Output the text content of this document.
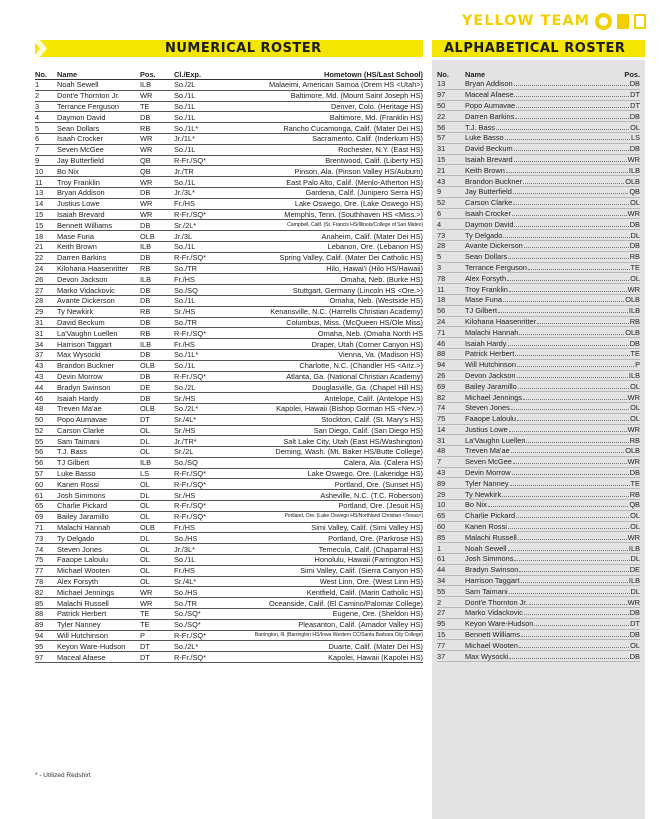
YELLOW TEAM
NUMERICAL ROSTER	ALPHABETICAL ROSTER
No.	Name	Pos.	Cl./Exp.	Hometown (HS/Last School)
1	Noah Sewell	ILB	So./2L	Malaeimi, American Samoa (Orem HS <Utah>)
2	Dont'e Thornton Jr.	WR	So./1L	Baltimore, Md. (Mount Saint Joseph HS)
3	Terrance Ferguson	TE	So./1L	Denver, Colo. (Heritage HS)
4	Daymon David	DB	So./1L	Baltimore, Md. (Franklin HS)
5	Sean Dollars	RB	So./1L*	Rancho Cucamonga, Calif. (Mater Dei HS)
6	Isaah Crocker	WR	Jr./1L*	Sacramento, Calif. (Inderkum HS)
7	Seven McGee	WR	So./1L	Rochester, N.Y. (East HS)
9	Jay Butterfield	QB	R-Fr./SQ*	Brentwood, Calif. (Liberty HS)
10	Bo Nix	QB	Jr./TR	Pinson, Ala. (Pinson Valley HS/Auburn)
11	Troy Franklin	WR	So./1L	East Palo Alto, Calif. (Menlo-Atherton HS)
13	Bryan Addison	DB	Jr./3L*	Gardena, Calif. (Junipero Serra HS)
14	Justius Lowe	WR	Fr./HS	Lake Oswego, Ore. (Lake Oswego HS)
15	Isaiah Brevard	WR	R-Fr./SQ*	Memphis, Tenn. (Southhaven HS <Miss.>)
15	Bennett Williams	DB	Sr./2L*	Campbell, Calif. (St. Francis HS/Illinois/College of San Mateo)
18	Mase Funa	OLB	Jr./3L	Anaheim, Calif. (Mater Dei HS)
21	Keith Brown	ILB	So./1L	Lebanon, Ore. (Lebanon HS)
22	Darren Barkins	DB	R-Fr./SQ*	Spring Valley, Calif. (Mater Dei Catholic HS)
24	Kilohana Haasenritter	RB	So./TR	Hilo, Hawai'i (Hilo HS/Hawaii)
26	Devon Jackson	ILB	Fr./HS	Omaha, Neb. (Burke HS)
27	Marko Vidackovic	DB	So./SQ	Stuttgart, Germany (Lincoln HS <Ore.>)
28	Avante Dickerson	DB	So./1L	Omaha, Neb. (Westside HS)
29	Ty Newkirk	RB	Sr./HS	Kenansville, N.C. (Harrells Christian Academy)
31	David Beckum	DB	So./TR	Columbus, Miss. (McQueen HS/Ole Miss)
31	La'Vaughn Luellen	RB	R-Fr./SQ*	Omaha, Neb. (Omaha North HS
34	Harrison Taggart	ILB	Fr./HS	Draper, Utah (Corner Canyon HS)
37	Max Wysocki	DB	So./1L*	Vienna, Va. (Madison HS)
43	Brandon Buckner	OLB	So./1L	Charlotte, N.C. (Chandler HS <Ariz.>)
43	Devin Morrow	DB	R-Fr./SQ*	Atlanta, Ga. (National Christian Academy)
44	Bradyn Swinson	DE	So./2L	Douglasville, Ga. (Chapel Hill HS)
46	Isaiah Hardy	DB	Sr./HS	Antelope, Calif. (Antelope HS)
48	Treven Ma'ae	OLB	So./2L*	Kapolei, Hawaii (Bishop Gorman HS <Nev.>)
50	Popo Aumavae	DT	Sr./4L*	Stockton, Calif. (St. Mary's HS)
52	Carson Clarke	OL	Sr./HS	San Diego, Calif. (San Diego HS)
55	Sam Taimani	DL	Jr./TR*	Salt Lake City, Utah (East HS/Washington)
56	T.J. Bass	OL	Sr./2L	Deming, Wash. (Mt. Baker HS/Butte College)
56	TJ Gilbert	ILB	So./SQ	Calera, Ala. (Calera HS)
57	Luke Basso	LS	R-Fr./SQ*	Lake Oswego, Ore. (Lakeridge HS)
60	Kanen Rossi	OL	R-Fr./SQ*	Portland, Ore. (Sunset HS)
61	Josh Simmons	DL	Sr./HS	Asheville, N.C. (T.C. Roberson)
65	Charlie Pickard	OL	R-Fr./SQ*	Portland, Ore. (Jesuit HS)
69	Bailey Jaramillo	OL	R-Fr./SQ*	Portland, Ore. (Lake Oswego HS/Northland Christian <Texas>)
71	Malachi Hannah	OLB	Fr./HS	Simi Valley, Calif. (Simi Valley HS)
73	Ty Delgado	DL	So./HS	Portland, Ore. (Parkrose HS)
74	Steven Jones	OL	Jr./3L*	Temecula, Calif. (Chaparral HS)
75	Faaope Laloulu	OL	So./1L	Honolulu, Hawaii (Farrington HS)
77	Michael Wooten	OL	Fr./HS	Simi Valley, Calif. (Sierra Canyon HS)
78	Alex Forsyth	OL	Sr./4L*	West Linn, Ore. (West Linn HS)
82	Michael Jennings	WR	So./HS	Kentfield, Calif. (Marin Catholic HS)
85	Malachi Russell	WR	So./TR	Oceanside, Calif. (El Camino/Palomar College)
88	Patrick Herbert	TE	So./SQ*	Eugene, Ore. (Sheldon HS)
89	Tyler Nanney	TE	So./SQ*	Pleasanton, Calif. (Amador Valley HS)
94	Will Hutchinson	P	R-Fr./SQ*	Barrington, Ill. (Barrington HS/Iowa Western CC/Santa Barbara City College)
95	Keyon Ware-Hudson	DT	So./2L*	Duarte, Calif. (Mater Dei HS)
97	Maceal Afaese	DT	R-Fr./SQ*	Kapolei, Hawaii (Kapolei HS)
No.	Name Pos.

13	Bryan Addison DB

97	Maceal Afaese DT

50	Popo Aumavae DT

22	Darren Barkins DB

56	T.J. Bass OL

57	Luke Basso LS

31	David Beckum DB

15	Isaiah Brevard WR

21	Keith Brown ILB

43	Brandon Buckner OLB

9	Jay Butterfield QB

52	Carson Clarke OL

6	Isaah Crocker WR

4	Daymon David DB

73	Ty Delgado DL

28	Avante Dickerson DB

5	Sean Dollars RB

3	Terrance Ferguson TE

78	Alex Forsyth OL

11	Troy Franklin WR

18	Mase Funa OLB

56	TJ Gilbert ILB

24	Kilohana Haasenritter RB

71	Malachi Hannah OLB

46	Isaiah Hardy DB

88	Patrick Herbert TE

94	Will Hutchinson P

26	Devon Jackson ILB

69	Bailey Jaramillo OL

82	Michael Jennings WR

74	Steven Jones OL

75	Faaope Laloulu OL

14	Justius Lowe WR

31	La'Vaughn Luellen RB

48	Treven Ma'ae OLB

7	Seven McGee WR

43	Devin Morrow DB

89	Tyler Nanney TE

29	Ty Newkirk RB

10	Bo Nix QB

65	Charlie Pickard OL

60	Kanen Rossi OL

85	Malachi Russell WR

1	Noah Sewell ILB

61	Josh Simmons DL

44	Bradyn Swinson DE

34	Harrison Taggart ILB

55	Sam Taimani DL

2	Dont'e Thornton Jr. WR

27	Marko Vidackovic DB

95	Keyon Ware-Hudson DT

15	Bennett Williams DB

77	Michael Wooten OL

37	Max Wysocki DB
* - Utilized Redshirt
